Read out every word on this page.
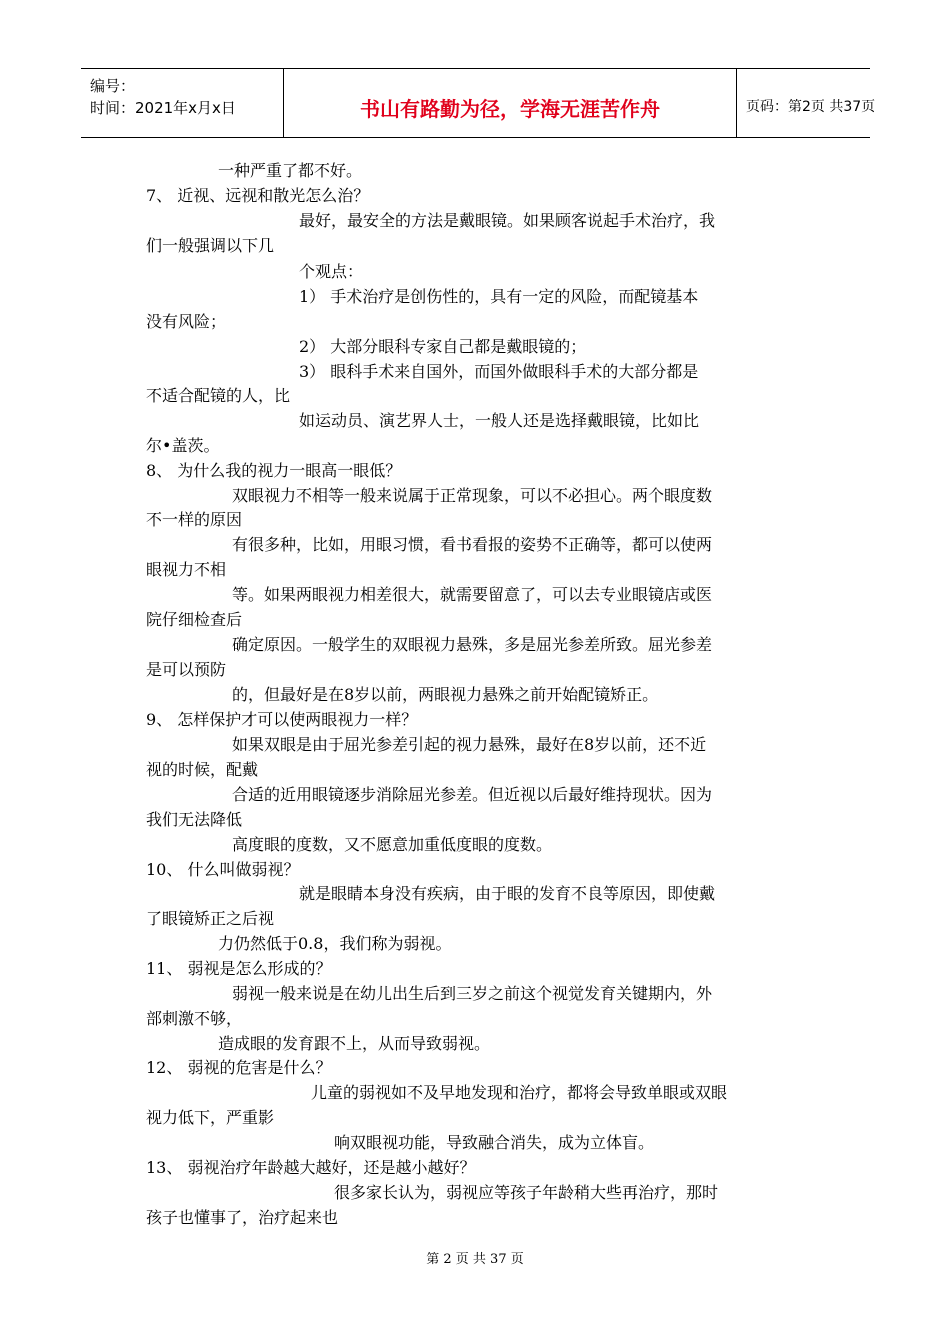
编号：
时间：2021年x月x日	书山有路勤为径，学海无涯苦作舟	页码：第2页 共37页
一种严重了都不好。
7、 近视、远视和散光怎么治？
最好，最安全的方法是戴眼镜。如果顾客说起手术治疗，我
们一般强调以下几
个观点：
1） 手术治疗是创伤性的，具有一定的风险，而配镜基本
没有风险；
2） 大部分眼科专家自己都是戴眼镜的；
3） 眼科手术来自国外，而国外做眼科手术的大部分都是
不适合配镜的人，比
如运动员、演艺界人士，一般人还是选择戴眼镜，比如比
尔•盖茨。
8、 为什么我的视力一眼高一眼低？
双眼视力不相等一般来说属于正常现象，可以不必担心。两个眼度数
不一样的原因
有很多种，比如，用眼习惯，看书看报的姿势不正确等，都可以使两
眼视力不相
等。如果两眼视力相差很大，就需要留意了，可以去专业眼镜店或医
院仔细检查后
确定原因。一般学生的双眼视力悬殊，多是屈光参差所致。屈光参差
是可以预防
的，但最好是在8岁以前，两眼视力悬殊之前开始配镜矫正。
9、 怎样保护才可以使两眼视力一样？
如果双眼是由于屈光参差引起的视力悬殊，最好在8岁以前，还不近
视的时候，配戴
合适的近用眼镜逐步消除屈光参差。但近视以后最好维持现状。因为
我们无法降低
高度眼的度数，又不愿意加重低度眼的度数。
10、 什么叫做弱视？
就是眼睛本身没有疾病，由于眼的发育不良等原因，即使戴
了眼镜矫正之后视
力仍然低于0.8，我们称为弱视。
11、 弱视是怎么形成的？
弱视一般来说是在幼儿出生后到三岁之前这个视觉发育关键期内，外
部刺激不够，
造成眼的发育跟不上，从而导致弱视。
12、 弱视的危害是什么？
儿童的弱视如不及早地发现和治疗，都将会导致单眼或双眼
视力低下，严重影
响双眼视功能，导致融合消失，成为立体盲。
13、 弱视治疗年龄越大越好，还是越小越好？
很多家长认为，弱视应等孩子年龄稍大些再治疗，那时
孩子也懂事了，治疗起来也
第 2 页 共 37 页
